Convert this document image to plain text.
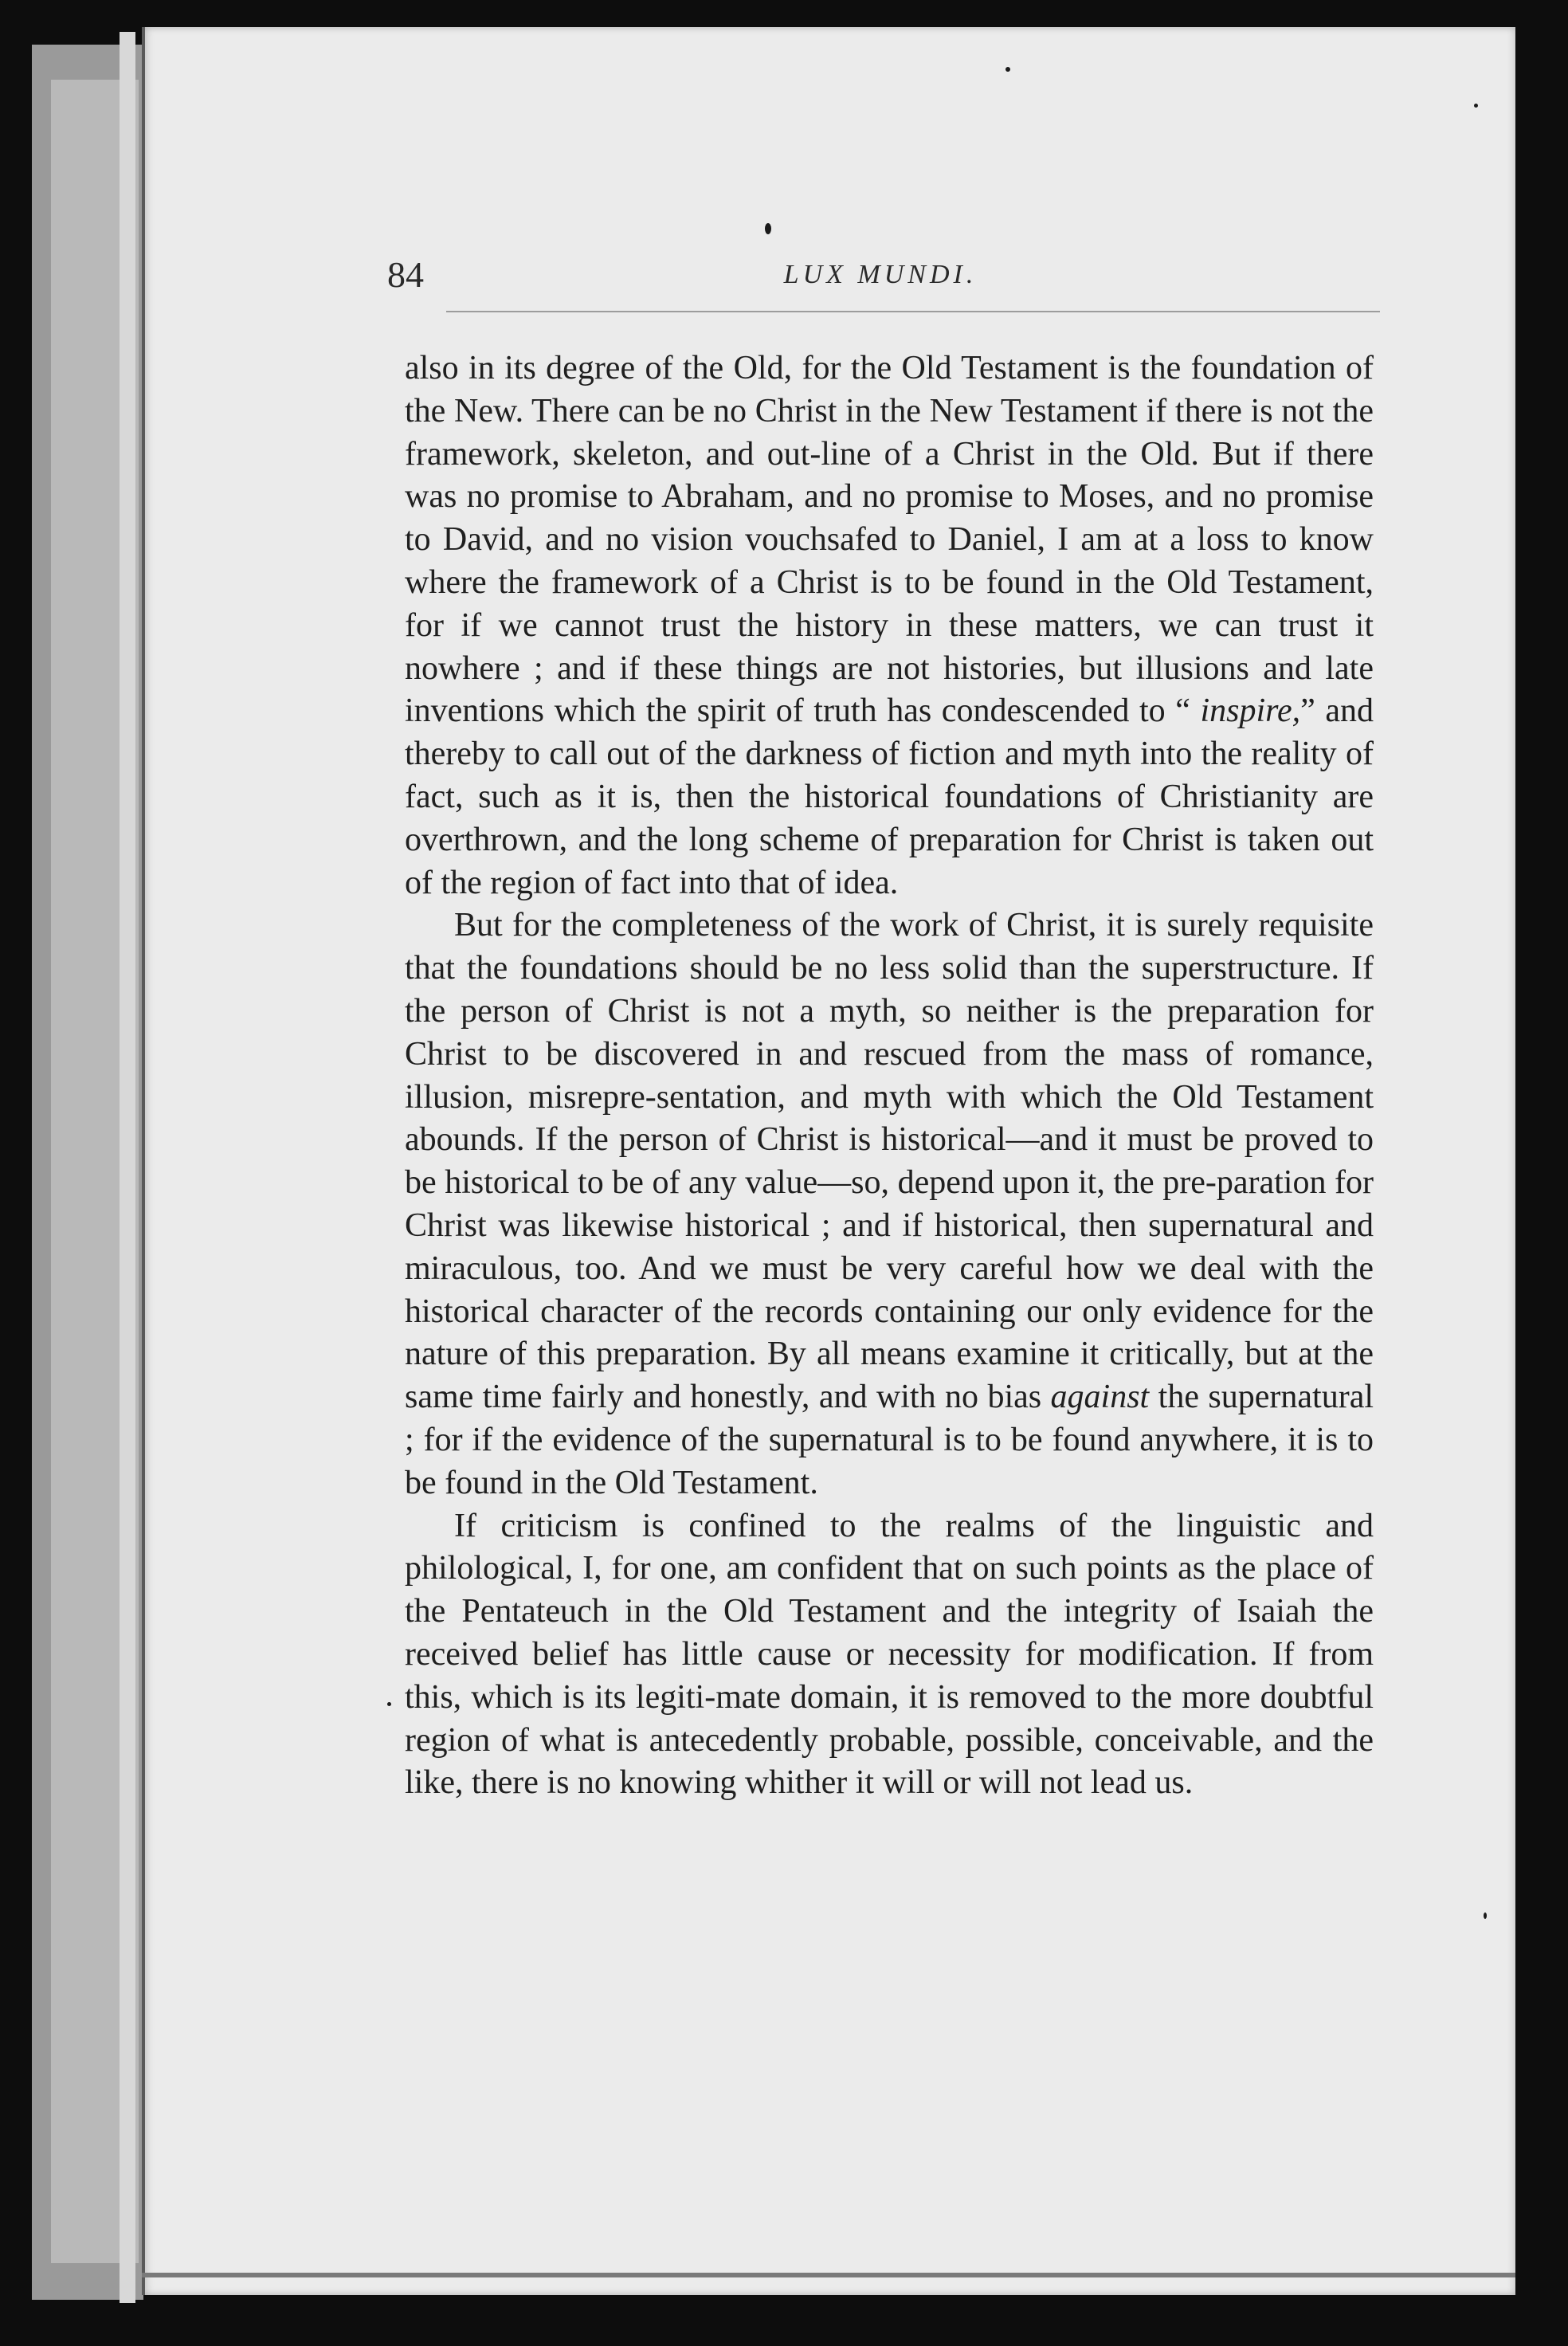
84	LUX MUNDI.

also in its degree of the Old, for the Old Testament is the foundation of the New. There can be no Christ in the New Testament if there is not the framework, skeleton, and out-line of a Christ in the Old. But if there was no promise to Abraham, and no promise to Moses, and no promise to David, and no vision vouchsafed to Daniel, I am at a loss to know where the framework of a Christ is to be found in the Old Testament, for if we cannot trust the history in these matters, we can trust it nowhere ; and if these things are not histories, but illusions and late inventions which the spirit of truth has condescended to “ inspire,” and thereby to call out of the darkness of fiction and myth into the reality of fact, such as it is, then the historical foundations of Christianity are overthrown, and the long scheme of preparation for Christ is taken out of the region of fact into that of idea.

But for the completeness of the work of Christ, it is surely requisite that the foundations should be no less solid than the superstructure. If the person of Christ is not a myth, so neither is the preparation for Christ to be discovered in and rescued from the mass of romance, illusion, misrepre-sentation, and myth with which the Old Testament abounds. If the person of Christ is historical—and it must be proved to be historical to be of any value—so, depend upon it, the pre-paration for Christ was likewise historical ; and if historical, then supernatural and miraculous, too. And we must be very careful how we deal with the historical character of the records containing our only evidence for the nature of this preparation. By all means examine it critically, but at the same time fairly and honestly, and with no bias against the supernatural ; for if the evidence of the supernatural is to be found anywhere, it is to be found in the Old Testament.

If criticism is confined to the realms of the linguistic and philological, I, for one, am confident that on such points as the place of the Pentateuch in the Old Testament and the integrity of Isaiah the received belief has little cause or necessity for modification. If from this, which is its legiti-mate domain, it is removed to the more doubtful region of what is antecedently probable, possible, conceivable, and the like, there is no knowing whither it will or will not lead us.
